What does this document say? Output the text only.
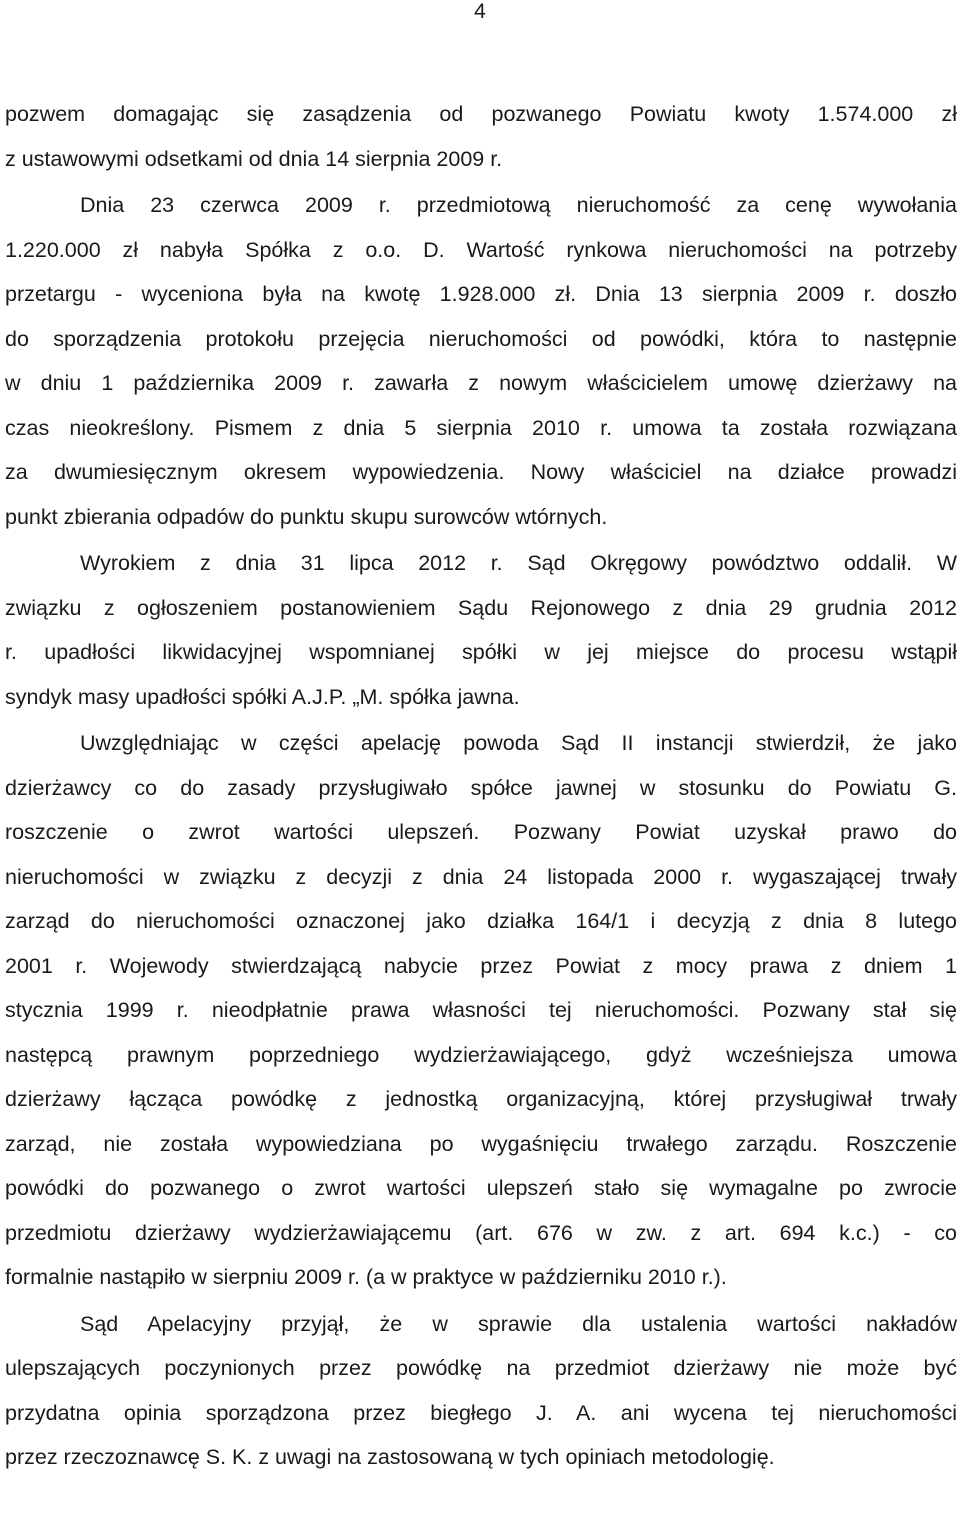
4
pozwem domagając się zasądzenia od pozwanego Powiatu kwoty 1.574.000 zł
z ustawowymi odsetkami od dnia 14 sierpnia 2009 r.
Dnia 23 czerwca 2009 r. przedmiotową nieruchomość za cenę wywołania
1.220.000 zł nabyła Spółka z o.o. D. Wartość rynkowa nieruchomości na potrzeby
przetargu - wyceniona była na kwotę 1.928.000 zł. Dnia 13 sierpnia 2009 r. doszło
do sporządzenia protokołu przejęcia nieruchomości od powódki, która to następnie
w dniu 1 października 2009 r. zawarła z nowym właścicielem umowę dzierżawy na
czas nieokreślony. Pismem z dnia 5 sierpnia 2010 r. umowa ta została rozwiązana
za dwumiesięcznym okresem wypowiedzenia. Nowy właściciel na działce prowadzi
punkt zbierania odpadów do punktu skupu surowców wtórnych.
Wyrokiem z dnia 31 lipca 2012 r. Sąd Okręgowy powództwo oddalił. W
związku z ogłoszeniem postanowieniem Sądu Rejonowego z dnia 29 grudnia 2012
r. upadłości likwidacyjnej wspomnianej spółki w jej miejsce do procesu wstąpił
syndyk masy upadłości spółki A.J.P. „M. spółka jawna.
Uwzględniając w części apelację powoda Sąd II instancji stwierdził, że jako
dzierżawcy co do zasady przysługiwało spółce jawnej w stosunku do Powiatu G.
roszczenie o zwrot wartości ulepszeń. Pozwany Powiat uzyskał prawo do
nieruchomości w związku z decyzji z dnia 24 listopada 2000 r. wygaszającej trwały
zarząd do nieruchomości oznaczonej jako działka 164/1 i decyzją z dnia 8 lutego
2001 r. Wojewody stwierdzającą nabycie przez Powiat z mocy prawa z dniem 1
stycznia 1999 r. nieodpłatnie prawa własności tej nieruchomości. Pozwany stał się
następcą prawnym poprzedniego wydzierżawiającego, gdyż wcześniejsza umowa
dzierżawy łącząca powódkę z jednostką organizacyjną, której przysługiwał trwały
zarząd, nie została wypowiedziana po wygaśnięciu trwałego zarządu. Roszczenie
powódki do pozwanego o zwrot wartości ulepszeń stało się wymagalne po zwrocie
przedmiotu dzierżawy wydzierżawiającemu (art. 676 w zw. z art. 694 k.c.) - co
formalnie nastąpiło w sierpniu 2009 r. (a w praktyce w październiku 2010 r.).
Sąd Apelacyjny przyjął, że w sprawie dla ustalenia wartości nakładów
ulepszających poczynionych przez powódkę na przedmiot dzierżawy nie może być
przydatna opinia sporządzona przez biegłego J. A. ani wycena tej nieruchomości
przez rzeczoznawcę S. K. z uwagi na zastosowaną w tych opiniach metodologię.
